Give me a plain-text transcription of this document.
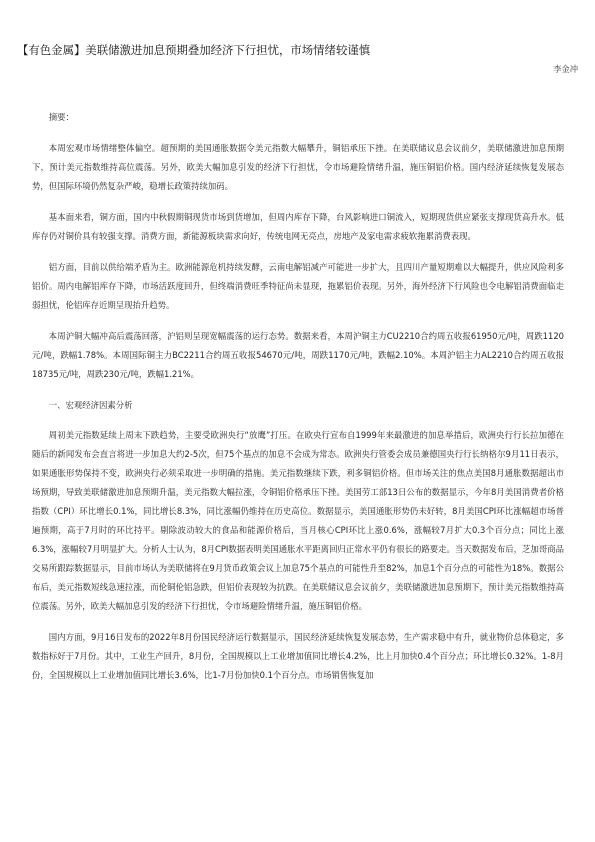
【有色金属】美联储激进加息预期叠加经济下行担忧，市场情绪较谨慎
李金冲

摘要：

本周宏观市场情绪整体偏空。超预期的美国通胀数据令美元指数大幅攀升，铜铝承压下挫。在美联储议息会议前夕，美联储激进加息预期下，预计美元指数维持高位震荡。另外，欧美大幅加息引发的经济下行担忧，令市场避险情绪升温，施压铜铝价格。国内经济延续恢复发展态势，但国际环境仍然复杂严峻，稳增长政策持续加码。

基本面来看，铜方面，国内中秋假期铜现货市场到货增加，但周内库存下降，台风影响进口铜流入，短期现货供应紧张支撑现货高升水。低库存仍对铜价具有较强支撑。消费方面，新能源板块需求向好，传统电网无亮点，房地产及家电需求疲软拖累消费表现。

铝方面，目前以供给端矛盾为主。欧洲能源危机持续发酵，云南电解铝减产可能进一步扩大，且四川产量短期难以大幅提升，供应风险利多铝价。周内电解铝库存下降，市场活跃度回升，但终端消费旺季特征尚未显现，拖累铝价表现。另外，海外经济下行风险也令电解铝消费面临走弱担忧，伦铝库存近期呈现抬升趋势。

本周沪铜大幅冲高后震荡回落，沪铝则呈现宽幅震荡的运行态势。数据来看，本周沪铜主力CU2210合约周五收报61950元/吨，周跌1120元/吨，跌幅1.78%。本周国际铜主力BC2211合约周五收报54670元/吨，周跌1170元/吨，跌幅2.10%。本周沪铝主力AL2210合约周五收报18735元/吨，周跌230元/吨，跌幅1.21%。

一、宏观经济因素分析

周初美元指数延续上周末下跌趋势，主要受欧洲央行“放鹰”打压。在欧央行宣布自1999年来最激进的加息举措后，欧洲央行行长拉加德在随后的新闻发布会直言将进一步加息大约2-5次，但75个基点的加息不会成为常态。欧洲央行管委会成员兼德国央行行长纳格尔9月11日表示，如果通胀形势保持不变，欧洲央行必须采取进一步明确的措施。美元指数继续下跌，利多铜铝价格。但市场关注的焦点美国8月通胀数据超出市场预期，导致美联储激进加息预期升温，美元指数大幅拉涨，令铜铝价格承压下挫。美国劳工部13日公布的数据显示，今年8月美国消费者价格指数（CPI）环比增长0.1%，同比增长8.3%，同比涨幅仍维持在历史高位。数据显示，美国通胀形势仍未好转，8月美国CPI环比涨幅超市场普遍预期，高于7月时的环比持平。剔除波动较大的食品和能源价格后，当月核心CPI环比上涨0.6%，涨幅较7月扩大0.3个百分点；同比上涨6.3%，涨幅较7月明显扩大。分析人士认为，8月CPI数据表明美国通胀水平距离回归正常水平仍有很长的路要走。当天数据发布后，芝加哥商品交易所跟踪数据显示，目前市场认为美联储将在9月货币政策会议上加息75个基点的可能性升至82%，加息1个百分点的可能性为18%。数据公布后，美元指数短线急速拉涨，而伦铜伦铝急跌，但铝价表现较为抗跌。在美联储议息会议前夕，美联储激进加息预期下，预计美元指数维持高位震荡。另外，欧美大幅加息引发的经济下行担忧，令市场避险情绪升温，施压铜铝价格。

国内方面，9月16日发布的2022年8月份国民经济运行数据显示，国民经济延续恢复发展态势，生产需求稳中有升，就业物价总体稳定，多数指标好于7月份。其中，工业生产回升，8月份，全国规模以上工业增加值同比增长4.2%，比上月加快0.4个百分点；环比增长0.32%。1-8月份，全国规模以上工业增加值同比增长3.6%，比1-7月份加快0.1个百分点。市场销售恢复加
